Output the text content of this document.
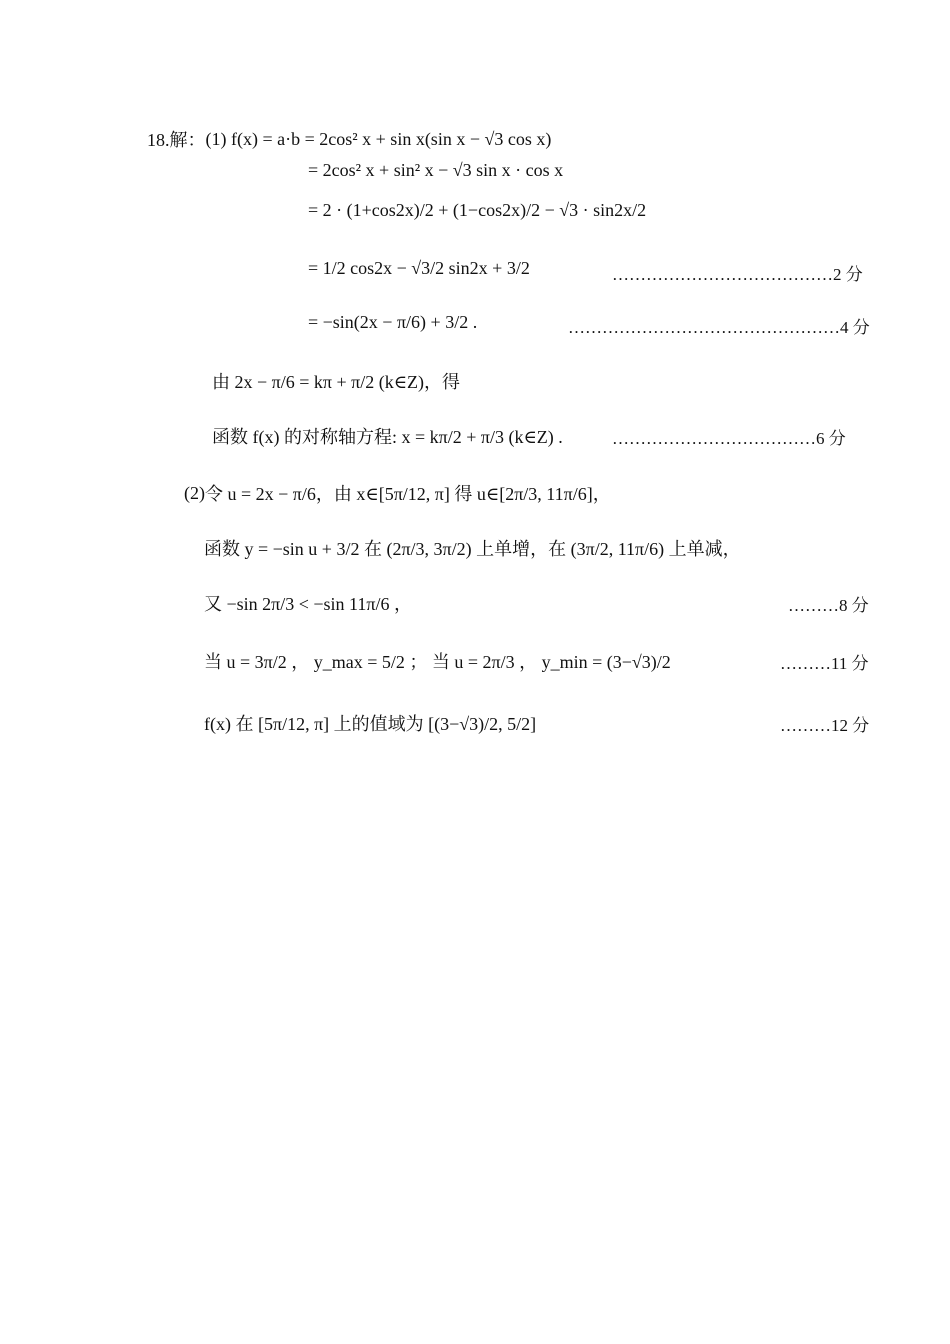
18.解： (1)
f(x) = a·b = 2cos² x + sin x(sin x − √3 cos x)
= 2cos² x + sin² x − √3 sin x · cos x
= 2 · (1+cos2x)/2 + (1−cos2x)/2 − √3 · sin2x/2
= 1/2 cos2x − √3/2 sin2x + 3/2	…………………………………2 分
= −sin(2x − π/6) + 3/2 .	…………………………………………4 分
由 2x − π/6 = kπ + π/2 (k∈Z)，得
函数 f(x) 的对称轴方程: x = kπ/2 + π/3 (k∈Z) .	………………………………6 分
(2) 令 u = 2x − π/6，由 x∈[5π/12, π] 得 u∈[2π/3, 11π/6]，
函数 y = −sin u + 3/2 在 (2π/3, 3π/2) 上单增，在 (3π/2, 11π/6) 上单减，
又 −sin 2π/3 < −sin 11π/6 ，	………8 分
当 u = 3π/2 ， y_max = 5/2 ； 当 u = 2π/3 ， y_min = (3−√3)/2	………11 分
f(x) 在 [5π/12, π] 上的值域为 [(3−√3)/2, 5/2]	………12 分
